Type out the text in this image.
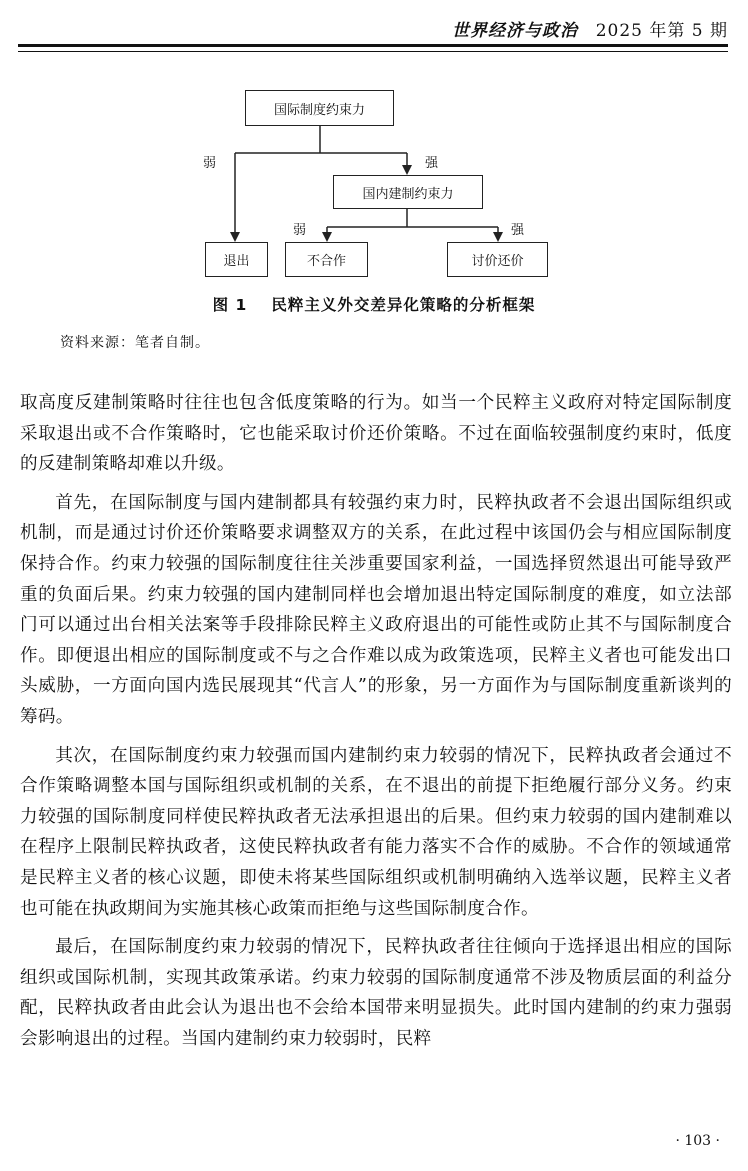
世界经济与政治 2025 年第 5 期
国际制度约束力
国内建制约束力
退出	不合作	讨价还价
弱	强
弱	强
图 1 民粹主义外交差异化策略的分析框架
资料来源：笔者自制。

取高度反建制策略时往往也包含低度策略的行为。如当一个民粹主义政府对特定国际制度采取退出或不合作策略时，它也能采取讨价还价策略。不过在面临较强制度约束时，低度的反建制策略却难以升级。

首先，在国际制度与国内建制都具有较强约束力时，民粹执政者不会退出国际组织或机制，而是通过讨价还价策略要求调整双方的关系，在此过程中该国仍会与相应国际制度保持合作。约束力较强的国际制度往往关涉重要国家利益，一国选择贸然退出可能导致严重的负面后果。约束力较强的国内建制同样也会增加退出特定国际制度的难度，如立法部门可以通过出台相关法案等手段排除民粹主义政府退出的可能性或防止其不与国际制度合作。即便退出相应的国际制度或不与之合作难以成为政策选项，民粹主义者也可能发出口头威胁，一方面向国内选民展现其“代言人”的形象，另一方面作为与国际制度重新谈判的筹码。

其次，在国际制度约束力较强而国内建制约束力较弱的情况下，民粹执政者会通过不合作策略调整本国与国际组织或机制的关系，在不退出的前提下拒绝履行部分义务。约束力较强的国际制度同样使民粹执政者无法承担退出的后果。但约束力较弱的国内建制难以在程序上限制民粹执政者，这使民粹执政者有能力落实不合作的威胁。不合作的领域通常是民粹主义者的核心议题，即使未将某些国际组织或机制明确纳入选举议题，民粹主义者也可能在执政期间为实施其核心政策而拒绝与这些国际制度合作。

最后，在国际制度约束力较弱的情况下，民粹执政者往往倾向于选择退出相应的国际组织或国际机制，实现其政策承诺。约束力较弱的国际制度通常不涉及物质层面的利益分配，民粹执政者由此会认为退出也不会给本国带来明显损失。此时国内建制的约束力强弱会影响退出的过程。当国内建制约束力较弱时，民粹

· 103 ·
